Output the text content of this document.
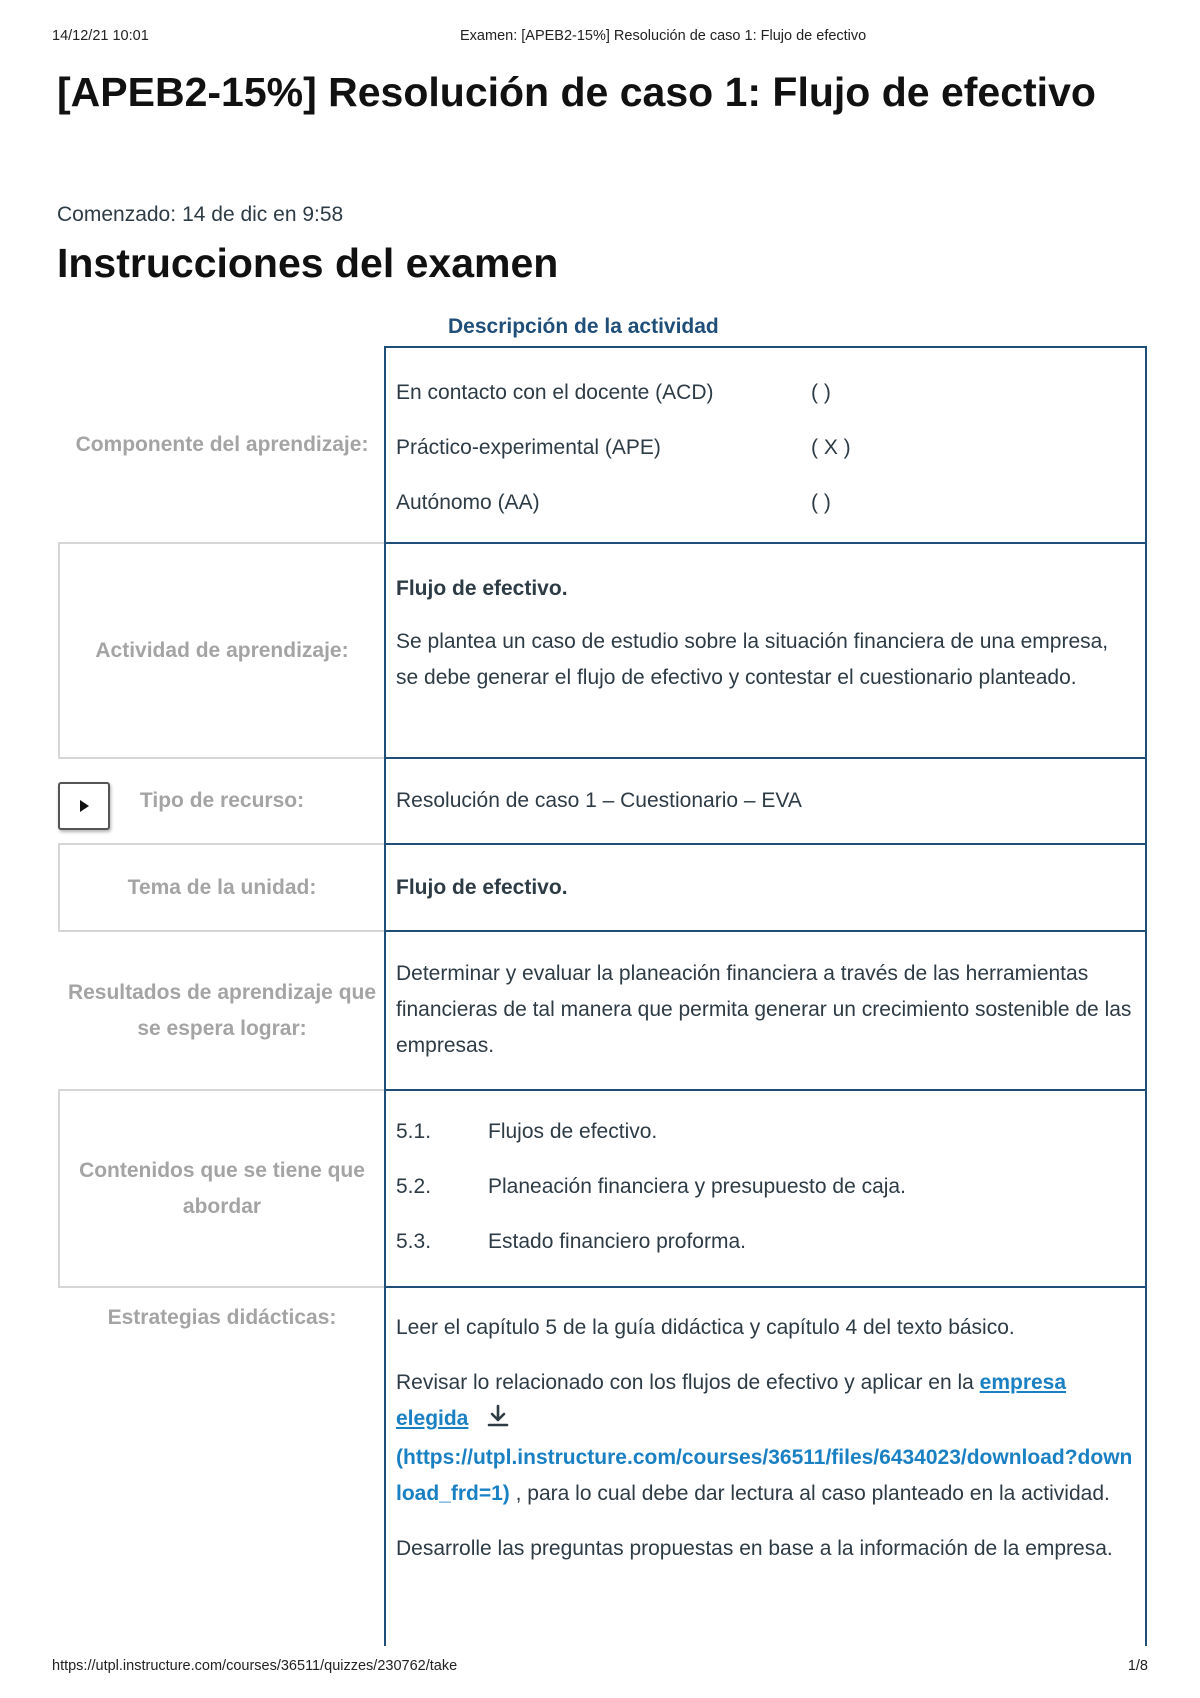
14/12/21 10:01	Examen: [APEB2-15%] Resolución de caso 1: Flujo de efectivo
[APEB2-15%] Resolución de caso 1: Flujo de efectivo
Comenzado: 14 de dic en 9:58
Instrucciones del examen
Descripción de la actividad
Componente del aprendizaje:
En contacto con el docente (ACD)	( )
Práctico-experimental (APE)	( X )
Autónomo (AA)	( )
Actividad de aprendizaje:

Flujo de efectivo.

Se plantea un caso de estudio sobre la situación financiera de una empresa, se debe generar el flujo de efectivo y contestar el cuestionario planteado.

Tipo de recurso:	Resolución de caso 1 – Cuestionario – EVA
Tema de la unidad:	Flujo de efectivo.
Resultados de aprendizaje que se espera lograr:

Determinar y evaluar la planeación financiera a través de las herramientas financieras de tal manera que permita generar un crecimiento sostenible de las empresas.

Contenidos que se tiene que abordar
5.1.	Flujos de efectivo.
5.2.	Planeación financiera y presupuesto de caja.
5.3.	Estado financiero proforma.
Estrategias didácticas:	Leer el capítulo 5 de la guía didáctica y capítulo 4 del texto básico.

Revisar lo relacionado con los flujos de efectivo y aplicar en la empresa elegida
(https://utpl.instructure.com/courses/36511/files/6434023/download?download_frd=1) , para lo cual debe dar lectura al caso planteado en la actividad.

Desarrolle las preguntas propuestas en base a la información de la empresa.

https://utpl.instructure.com/courses/36511/quizzes/230762/take	1/8
